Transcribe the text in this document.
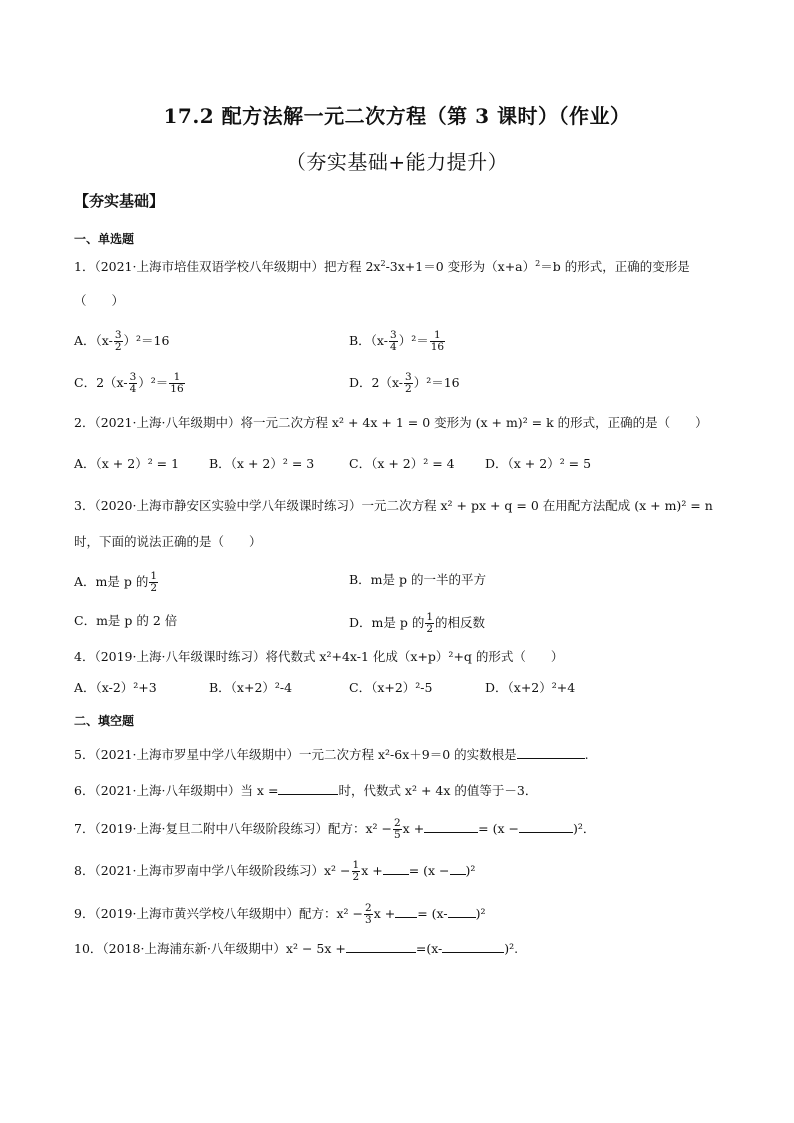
17.2 配方法解一元二次方程（第 3 课时）（作业）
（夯实基础+能力提升）
【夯实基础】
一、单选题
1．（2021·上海市培佳双语学校八年级期中）把方程 $2x^2-3x+1=0$ 变形为$(x+a)^2=b$ 的形式，正确的变形是
（　　）
A．$(x- \frac{3}{2} )^2=16$	B．$(x- \frac{3}{4} )^2= \frac{1}{16}$
C．$2(x- \frac{3}{4} )^2= \frac{1}{16}$	D．$2(x- \frac{3}{2} )^2=16$
2．（2021·上海·八年级期中）将一元二次方程 x² + 4x + 1 = 0 变形为 (x + m)² = k 的形式，正确的是（　　）
A．（x + 2）² = 1 B．（x + 2）² = 3	C．（x + 2）² = 4 D．（x + 2）² = 5
3．（2020·上海市静安区实验中学八年级课时练习）一元二次方程 x² + px + q = 0 在用配方法配成 (x + m)² = n
时，下面的说法正确的是（　　）
A．m是 p 的 $\frac{1}{2}$	B．m是 p 的一半的平方
C．m是 p 的 2 倍	D．m是 p 的 $\frac{1}{2}$ 的相反数
4．（2019·上海·八年级课时练习）将代数式 x²+4x-1 化成（x+p）²+q 的形式（　　）
A．（x-2）²+3	B．（x+2）²-4	C．（x+2）²-5	D．（x+2）²+4
二、填空题
5．（2021·上海市罗星中学八年级期中）一元二次方程 x²-6x＋9＝0 的实数根是	.
6．（2021·上海·八年级期中）当 x =	时，代数式 x² + 4x 的值等于－3．
7．（2019·上海·复旦二附中八年级阶段练习）配方：$x^2 - \frac{2}{5}$ x +	= (x −	)²．
8．（2021·上海市罗南中学八年级阶段练习）$x^2 - \frac{1}{2}$ x + = (x − )²
9．（2019·上海市黄兴学校八年级期中）配方：$x^2 - \frac{2}{3}$ x + = (x- )²
10．（2018·上海浦东新·八年级期中）x² − 5x +	=(x-	)².
